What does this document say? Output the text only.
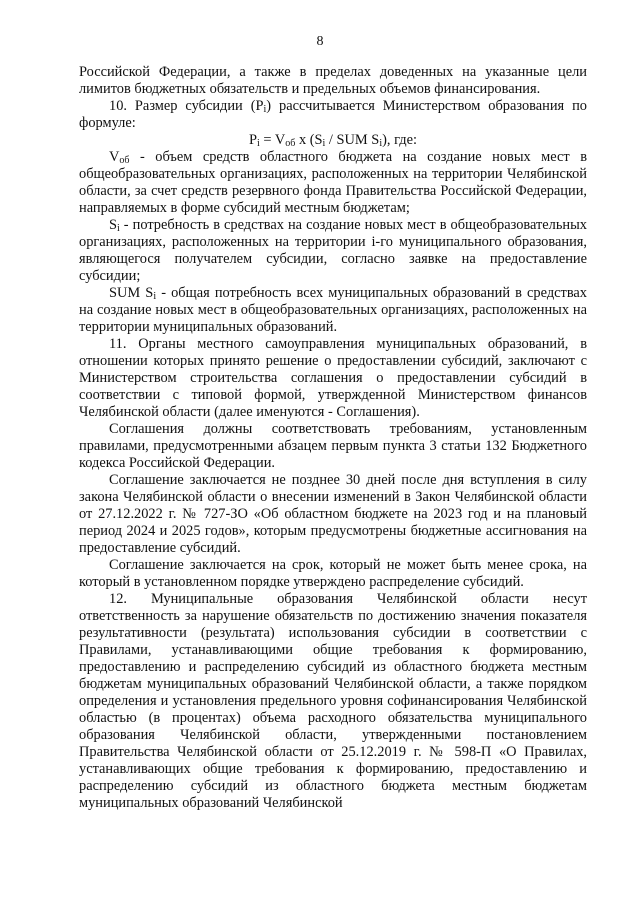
8

Российской Федерации, а также в пределах доведенных на указанные цели лимитов бюджетных обязательств и предельных объемов финансирования.

10. Размер субсидии $(P_i)$ рассчитывается Министерством образования по формуле:

$P_i = V_{об}$ x ($S_i$ / SUM $S_i$), где:

$V_{об}$ - объем средств областного бюджета на создание новых мест в общеобразовательных организациях, расположенных на территории Челябинской области, за счет средств резервного фонда Правительства Российской Федерации, направляемых в форме субсидий местным бюджетам;

$S_i$ - потребность в средствах на создание новых мест в общеобразовательных организациях, расположенных на территории i-го муниципального образования, являющегося получателем субсидии, согласно заявке на предоставление субсидии;

SUM $S_i$ - общая потребность всех муниципальных образований в средствах на создание новых мест в общеобразовательных организациях, расположенных на территории муниципальных образований.

11. Органы местного самоуправления муниципальных образований, в отношении которых принято решение о предоставлении субсидий, заключают с Министерством строительства соглашения о предоставлении субсидий в соответствии с типовой формой, утвержденной Министерством финансов Челябинской области (далее именуются - Соглашения).

Соглашения должны соответствовать требованиям, установленным правилами, предусмотренными абзацем первым пункта 3 статьи 132 Бюджетного кодекса Российской Федерации.

Соглашение заключается не позднее 30 дней после дня вступления в силу закона Челябинской области о внесении изменений в Закон Челябинской области от 27.12.2022 г. № 727-ЗО «Об областном бюджете на 2023 год и на плановый период 2024 и 2025 годов», которым предусмотрены бюджетные ассигнования на предоставление субсидий.

Соглашение заключается на срок, который не может быть менее срока, на который в установленном порядке утверждено распределение субсидий.

12. Муниципальные образования Челябинской области несут ответственность за нарушение обязательств по достижению значения показателя результативности (результата) использования субсидии в соответствии с Правилами, устанавливающими общие требования к формированию, предоставлению и распределению субсидий из областного бюджета местным бюджетам муниципальных образований Челябинской области, а также порядком определения и установления предельного уровня софинансирования Челябинской областью (в процентах) объема расходного обязательства муниципального образования Челябинской области, утвержденными постановлением Правительства Челябинской области от 25.12.2019 г. № 598-П «О Правилах, устанавливающих общие требования к формированию, предоставлению и распределению субсидий из областного бюджета местным бюджетам муниципальных образований Челябинской
